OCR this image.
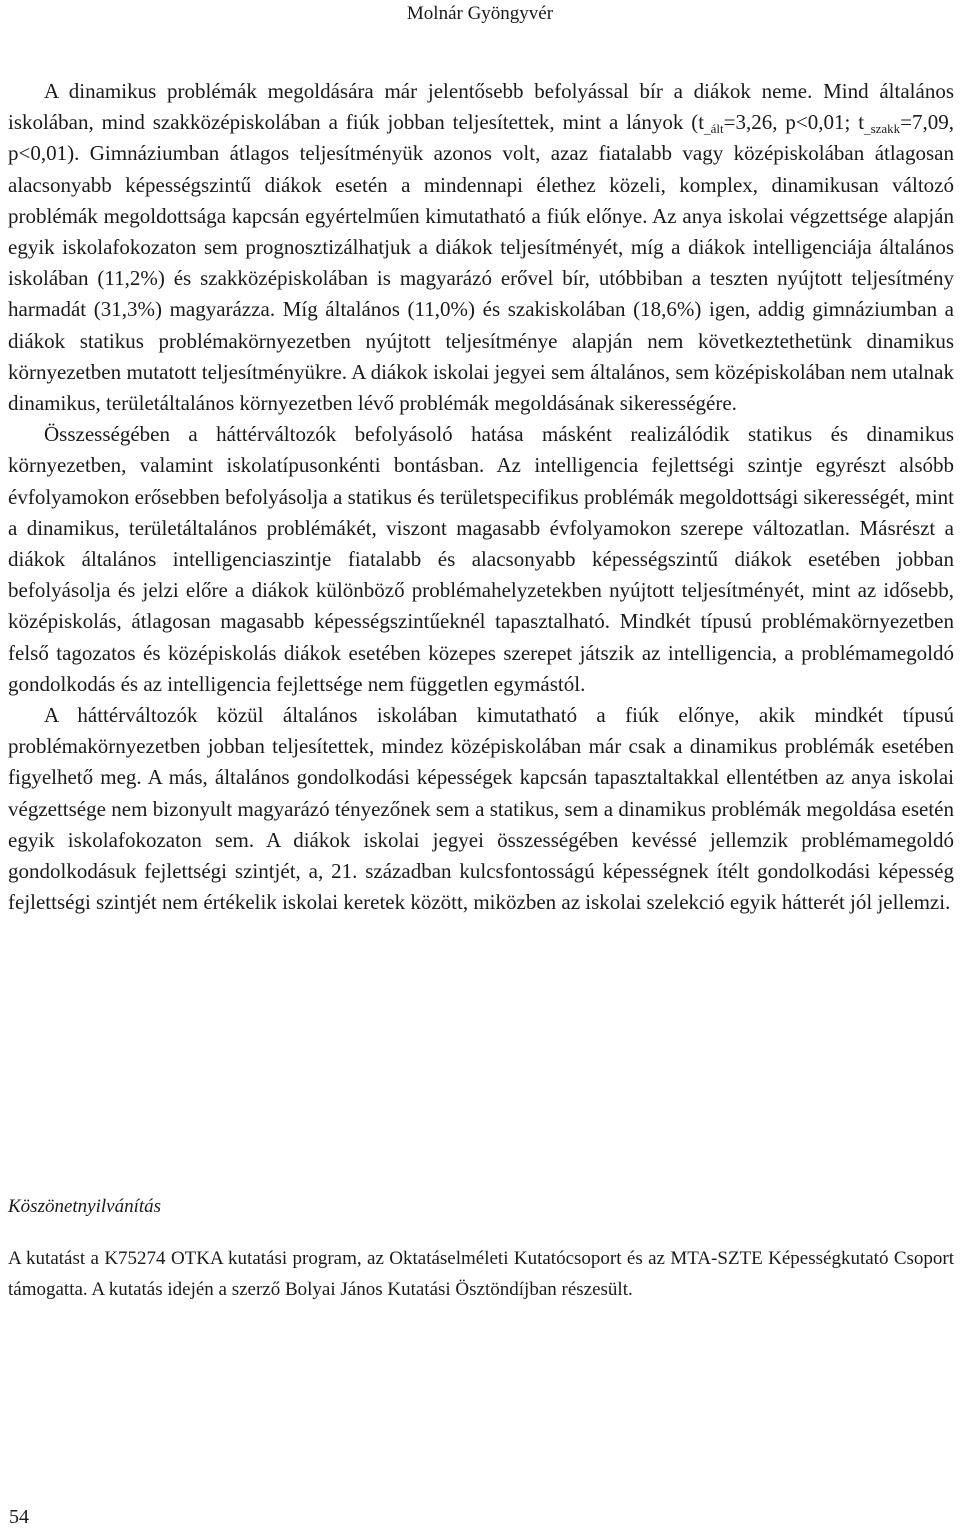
Molnár Gyöngyvér

A dinamikus problémák megoldására már jelentősebb befolyással bír a diákok neme. Mind általános iskolában, mind szakközépiskolában a fiúk jobban teljesítettek, mint a lányok ($t_{\_ált}=3,26$, p<0,01; $t_{\_szakk}=7,09$, p<0,01). Gimnáziumban átlagos teljesítményük azonos volt, azaz fiatalabb vagy középiskolában átlagosan alacsonyabb képességszintű diákok esetén a mindennapi élethez közeli, komplex, dinamikusan változó problémák megoldottsága kapcsán egyértelműen kimutatható a fiúk előnye. Az anya iskolai végzettsége alapján egyik iskolafokozaton sem prognosztizálhatjuk a diákok teljesítményét, míg a diákok intelligenciája általános iskolában (11,2%) és szakközépiskolában is magyarázó erővel bír, utóbbiban a teszten nyújtott teljesítmény harmadát (31,3%) magyarázza. Míg általános (11,0%) és szakiskolában (18,6%) igen, addig gimnáziumban a diákok statikus problémakörnyezetben nyújtott teljesítménye alapján nem következtethetünk dinamikus környezetben mutatott teljesítményükre. A diákok iskolai jegyei sem általános, sem középiskolában nem utalnak dinamikus, területáltalános környezetben lévő problémák megoldásának sikerességére.

Összességében a háttérváltozók befolyásoló hatása másként realizálódik statikus és dinamikus környezetben, valamint iskolatípusonkénti bontásban. Az intelligencia fejlettségi szintje egyrészt alsóbb évfolyamokon erősebben befolyásolja a statikus és területspecifikus problémák megoldottsági sikerességét, mint a dinamikus, területáltalános problémákét, viszont magasabb évfolyamokon szerepe változatlan. Másrészt a diákok általános intelligenciaszintje fiatalabb és alacsonyabb képességszintű diákok esetében jobban befolyásolja és jelzi előre a diákok különböző problémahelyzetekben nyújtott teljesítményét, mint az idősebb, középiskolás, átlagosan magasabb képességszintűeknél tapasztalható. Mindkét típusú problémakörnyezetben felső tagozatos és középiskolás diákok esetében közepes szerepet játszik az intelligencia, a problémamegoldó gondolkodás és az intelligencia fejlettsége nem független egymástól.

A háttérváltozók közül általános iskolában kimutatható a fiúk előnye, akik mindkét típusú problémakörnyezetben jobban teljesítettek, mindez középiskolában már csak a dinamikus problémák esetében figyelhető meg. A más, általános gondolkodási képességek kapcsán tapasztaltakkal ellentétben az anya iskolai végzettsége nem bizonyult magyarázó tényezőnek sem a statikus, sem a dinamikus problémák megoldása esetén egyik iskolafokozaton sem. A diákok iskolai jegyei összességében kevéssé jellemzik problémamegoldó gondolkodásuk fejlettségi szintjét, a, 21. században kulcsfontosságú képességnek ítélt gondolkodási képesség fejlettségi szintjét nem értékelik iskolai keretek között, miközben az iskolai szelekció egyik hátterét jól jellemzi.

Köszönetnyilvánítás

A kutatást a K75274 OTKA kutatási program, az Oktatáselméleti Kutatócsoport és az MTA-SZTE Képességkutató Csoport támogatta. A kutatás idején a szerző Bolyai János Kutatási Ösztöndíjban részesült.

54
